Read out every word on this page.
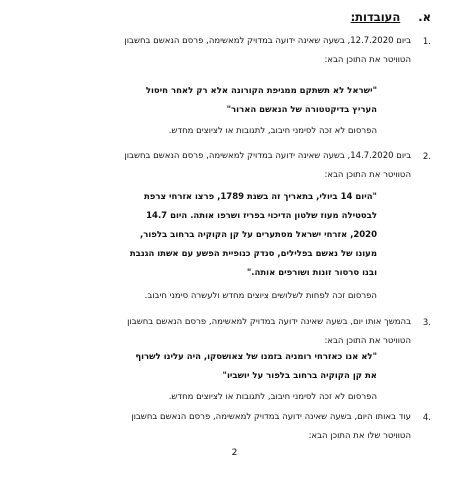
א.העובדות:
1.
ביום 12.7.2020, בשעה שאינה ידועה במדויק למאשימה, פרסם הנאשם בחשבון
הטוויטר את התוכן הבא:
"ישראל לא תשתקם ממגיפת הקורונה אלא רק לאחר חיסול
העריץ בדיקטטורה של הנאשם הארור"
הפרסום לא זכה לסימני חיבוב, לתגובות או לציוצים מחדש.
2.
ביום 14.7.2020, בשעה שאינה ידועה במדויק למאשימה, פרסם הנאשם בחשבון
הטוויטר את התוכן הבא:
"היום 14 ביולי, בתאריך זה בשנת 1789, פרצו אזרחי צרפת
לבסטילה מעוז שלטון הדיכוי בפריז ושרפו אותה. היום 14.7
2020, אזרחי ישראל מסתערים על קן הקוקיה ברחוב בלפור,
מעונו של נאשם בפלילים, סנדק כנופיית הפשע עם אשתו הגנבת
ובנו סרסור זונות ושורפים אותה."
הפרסום זכה לפחות לשלושים ציוצים מחדש ולעשרה סימני חיבוב.
3.
בהמשך אותו יום, בשעה שאינה ידועה במדויק למאשימה, פרסם הנאשם בחשבון
הטוויטר את התוכן הבא:
"לא אנו כאזרחי רומניה בזמנו של צאושסקו, היה עלינו לשרוף
את קן הקוקיה ברחוב בלפור על יושביו"
הפרסום לא זכה לסימני חיבוב, לתגובות או לציוצים מחדש.
4.
עוד באותו היום, בשעה שאינה ידועה במדויק למאשימה, פרסם הנאשם בחשבון
הטוויטר שלו את התוכן הבא:
2
